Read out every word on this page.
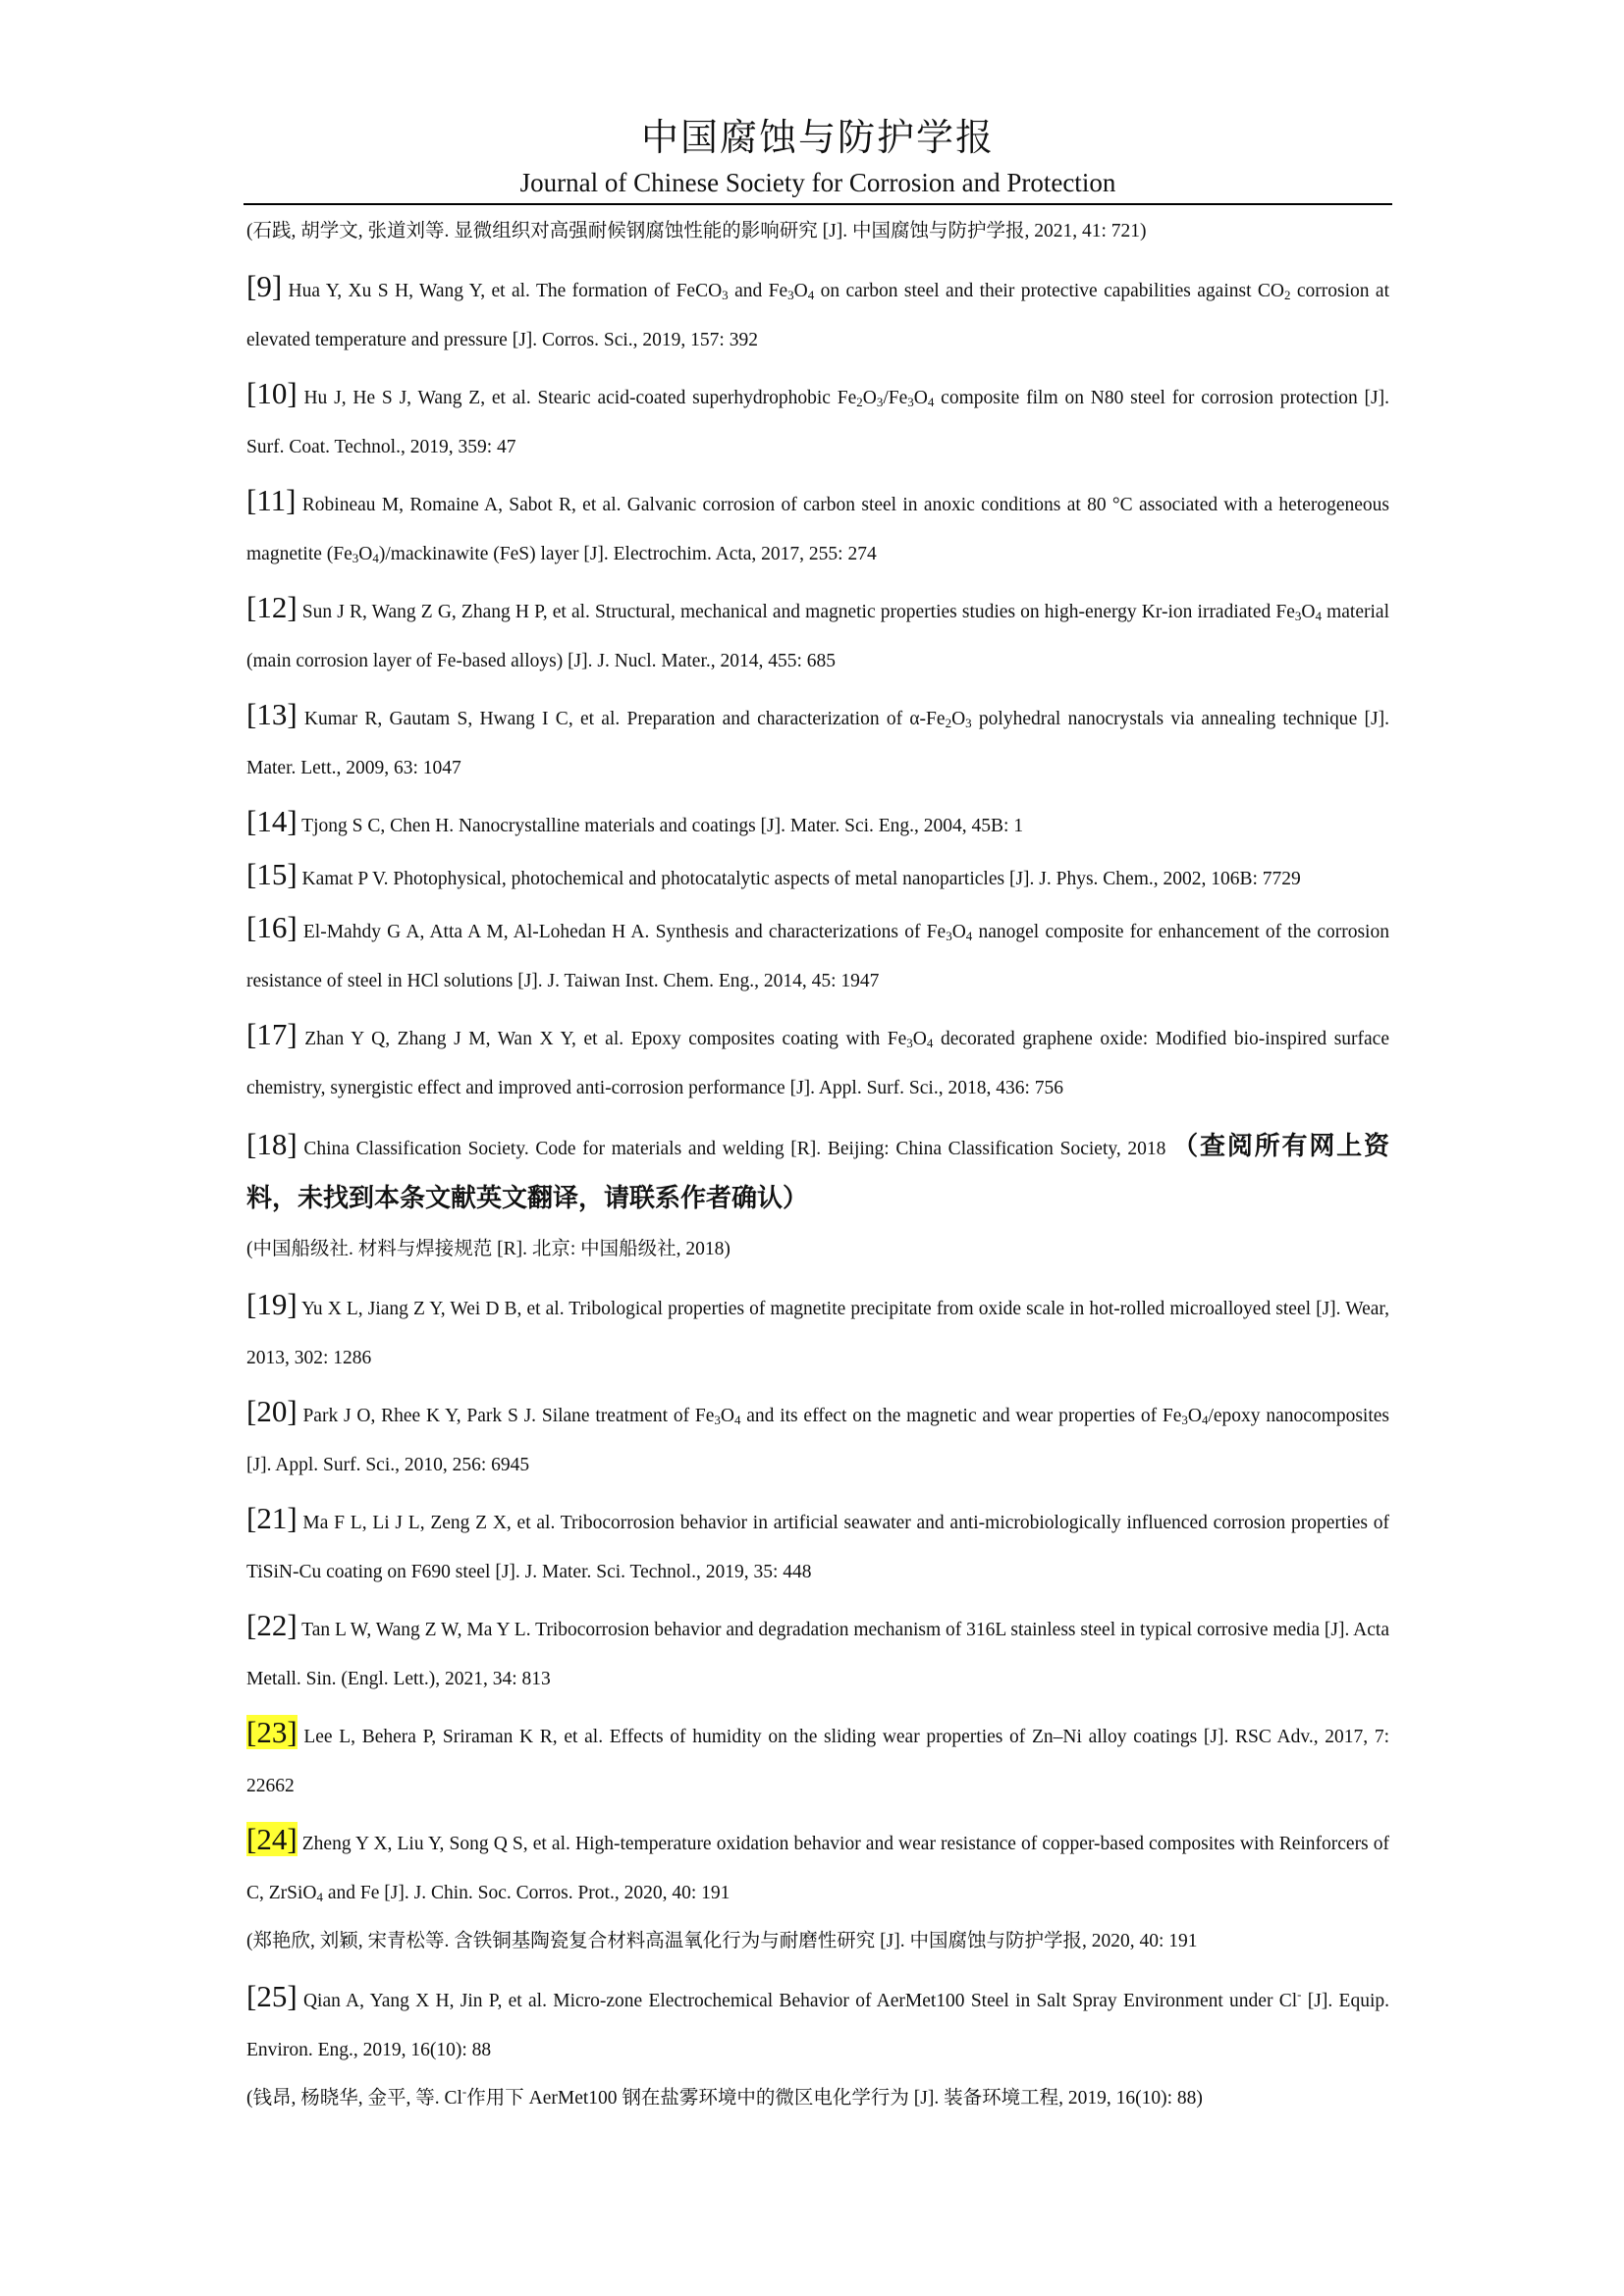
中国腐蚀与防护学报
Journal of Chinese Society for Corrosion and Protection
(石践, 胡学文, 张道刘等. 显微组织对高强耐候钢腐蚀性能的影响研究 [J]. 中国腐蚀与防护学报, 2021, 41: 721)
[9] Hua Y, Xu S H, Wang Y, et al. The formation of FeCO$_3$ and $Fe_3O_4$ on carbon steel and their protective capabilities against $CO_2$ corrosion at elevated temperature and pressure [J]. Corros. Sci., 2019, 157: 392
[10] Hu J, He S J, Wang Z, et al. Stearic acid-coated superhydrophobic $Fe_2O_3/Fe_3O_4$ composite film on N80 steel for corrosion protection [J]. Surf. Coat. Technol., 2019, 359: 47
[11] Robineau M, Romaine A, Sabot R, et al. Galvanic corrosion of carbon steel in anoxic conditions at 80 °C associated with a heterogeneous magnetite $(Fe_3O_4)$/mackinawite (FeS) layer [J]. Electrochim. Acta, 2017, 255: 274
[12] Sun J R, Wang Z G, Zhang H P, et al. Structural, mechanical and magnetic properties studies on high-energy Kr-ion irradiated $Fe_3O_4$ material (main corrosion layer of Fe-based alloys) [J]. J. Nucl. Mater., 2014, 455: 685
[13] Kumar R, Gautam S, Hwang I C, et al. Preparation and characterization of $\alpha-Fe_2O_3$ polyhedral nanocrystals via annealing technique [J]. Mater. Lett., 2009, 63: 1047
[14] Tjong S C, Chen H. Nanocrystalline materials and coatings [J]. Mater. Sci. Eng., 2004, 45B: 1
[15] Kamat P V. Photophysical, photochemical and photocatalytic aspects of metal nanoparticles [J]. J. Phys. Chem., 2002, 106B: 7729
[16] El-Mahdy G A, Atta A M, Al-Lohedan H A. Synthesis and characterizations of $Fe_3O_4$ nanogel composite for enhancement of the corrosion resistance of steel in HCl solutions [J]. J. Taiwan Inst. Chem. Eng., 2014, 45: 1947
[17] Zhan Y Q, Zhang J M, Wan X Y, et al. Epoxy composites coating with $Fe_3O_4$ decorated graphene oxide: Modified bio-inspired surface chemistry, synergistic effect and improved anti-corrosion performance [J]. Appl. Surf. Sci., 2018, 436: 756
[18] China Classification Society. Code for materials and welding [R]. Beijing: China Classification Society, 2018 （查阅所有网上资料，未找到本条文献英文翻译，请联系作者确认）
(中国船级社. 材料与焊接规范 [R]. 北京: 中国船级社, 2018)
[19] Yu X L, Jiang Z Y, Wei D B, et al. Tribological properties of magnetite precipitate from oxide scale in hot-rolled microalloyed steel [J]. Wear, 2013, 302: 1286
[20] Park J O, Rhee K Y, Park S J. Silane treatment of $Fe_3O_4$ and its effect on the magnetic and wear properties of $Fe_3O_4$/epoxy nanocomposites [J]. Appl. Surf. Sci., 2010, 256: 6945
[21] Ma F L, Li J L, Zeng Z X, et al. Tribocorrosion behavior in artificial seawater and anti-microbiologically influenced corrosion properties of TiSiN-Cu coating on F690 steel [J]. J. Mater. Sci. Technol., 2019, 35: 448
[22] Tan L W, Wang Z W, Ma Y L. Tribocorrosion behavior and degradation mechanism of 316L stainless steel in typical corrosive media [J]. Acta Metall. Sin. (Engl. Lett.), 2021, 34: 813
[23] Lee L, Behera P, Sriraman K R, et al. Effects of humidity on the sliding wear properties of Zn–Ni alloy coatings [J]. RSC Adv., 2017, 7: 22662
[24] Zheng Y X, Liu Y, Song Q S, et al. High-temperature oxidation behavior and wear resistance of copper-based composites with Reinforcers of C, ZrSiO$_4$ and Fe [J]. J. Chin. Soc. Corros. Prot., 2020, 40: 191
(郑艳欣, 刘颖, 宋青松等. 含铁铜基陶瓷复合材料高温氧化行为与耐磨性研究 [J]. 中国腐蚀与防护学报, 2020, 40: 191
[25] Qian A, Yang X H, Jin P, et al. Micro-zone Electrochemical Behavior of AerMet100 Steel in Salt Spray Environment under Cl- [J]. Equip. Environ. Eng., 2019, 16(10): 88
(钱昂, 杨晓华, 金平, 等. Cl-作用下 AerMet100 钢在盐雾环境中的微区电化学行为 [J]. 装备环境工程, 2019, 16(10): 88)
